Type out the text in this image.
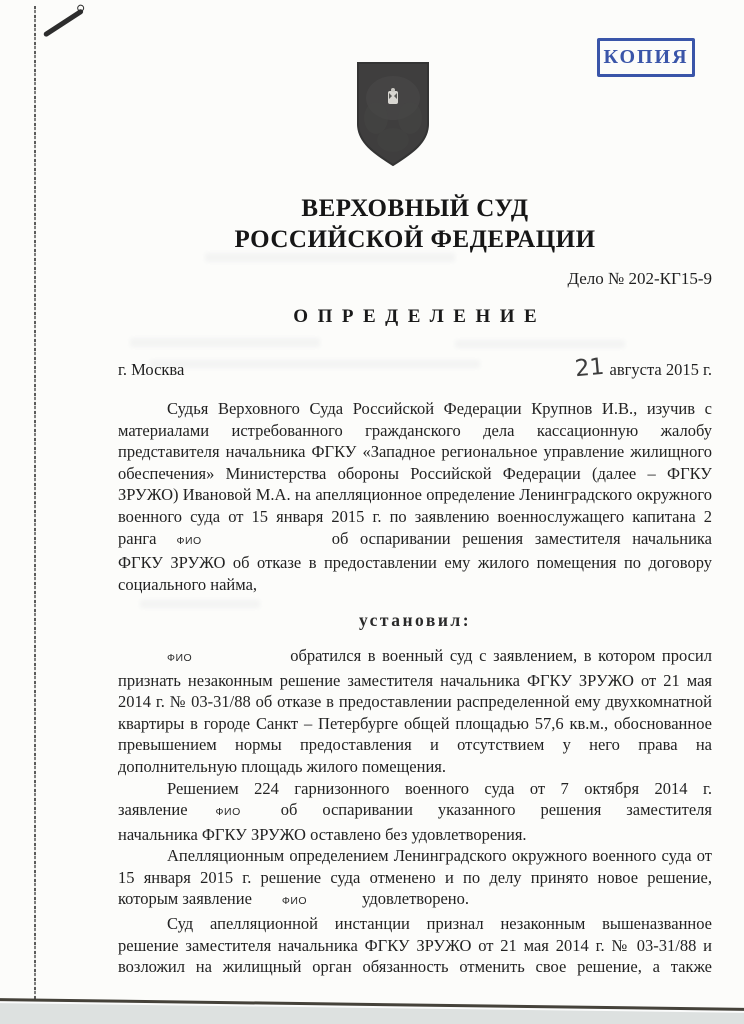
КОПИЯ
ВЕРХОВНЫЙ СУД
РОССИЙСКОЙ ФЕДЕРАЦИИ
Дело № 202-КГ15-9
ОПРЕДЕЛЕНИЕ
г. Москва	21 августа 2015 г.

Судья Верховного Суда Российской Федерации Крупнов И.В., изучив с материалами истребованного гражданского дела кассационную жалобу представителя начальника ФГКУ «Западное региональное управление жилищного обеспечения» Министерства обороны Российской Федерации (далее – ФГКУ ЗРУЖО) Ивановой М.А. на апелляционное определение Ленинградского окружного военного суда от 15 января 2015 г. по заявлению военнослужащего капитана 2 ранга ФИО	об оспаривании решения заместителя начальника ФГКУ ЗРУЖО об отказе в предоставлении ему жилого помещения по договору социального найма,

установил:

ФИО	обратился в военный суд с заявлением, в котором просил признать незаконным решение заместителя начальника ФГКУ ЗРУЖО от 21 мая 2014 г. № 03-31/88 об отказе в предоставлении распределенной ему двухкомнатной квартиры в городе Санкт – Петербурге общей площадью 57,6 кв.м., обоснованное превышением нормы предоставления и отсутствием у него права на дополнительную площадь жилого помещения.

Решением 224 гарнизонного военного суда от 7 октября 2014 г. заявление	ФИО об оспаривании указанного решения заместителя начальника ФГКУ ЗРУЖО оставлено без удовлетворения.

Апелляционным определением Ленинградского окружного военного суда от 15 января 2015 г. решение суда отменено и по делу принято новое решение, которым заявление	ФИО	удовлетворено.

Суд апелляционной инстанции признал незаконным вышеназванное решение заместителя начальника ФГКУ ЗРУЖО от 21 мая 2014 г. № 03-31/88 и возложил на жилищный орган обязанность отменить свое решение, а также
